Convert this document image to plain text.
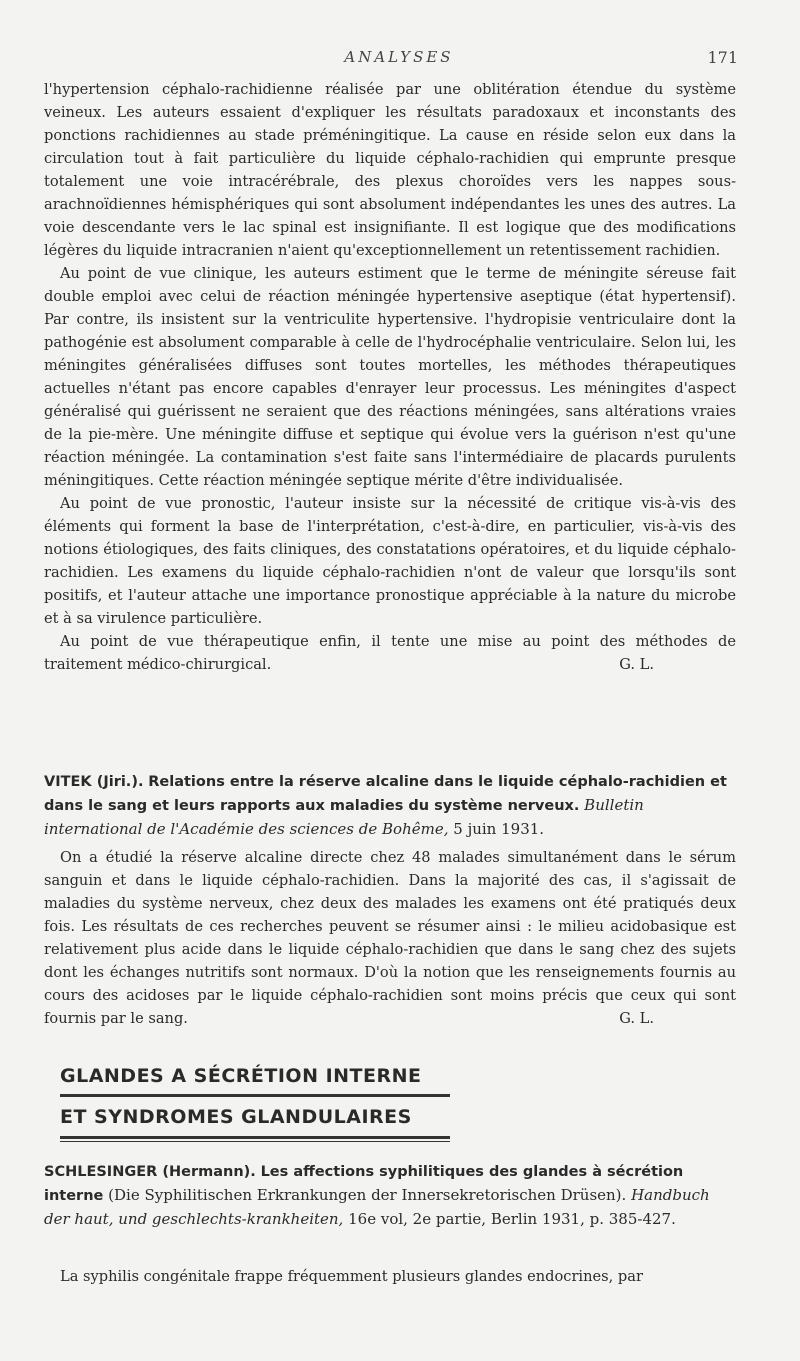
ANALYSES	171

l'hypertension céphalo-rachidienne réalisée par une oblitération étendue du système veineux. Les auteurs essaient d'expliquer les résultats paradoxaux et inconstants des ponctions rachidiennes au stade préméningitique. La cause en réside selon eux dans la circulation tout à fait particulière du liquide céphalo-rachidien qui emprunte presque totalement une voie intracérébrale, des plexus choroïdes vers les nappes sous-arachnoïdiennes hémisphériques qui sont absolument indépendantes les unes des autres. La voie descendante vers le lac spinal est insignifiante. Il est logique que des modifications légères du liquide intracranien n'aient qu'exceptionnellement un retentissement rachidien.

Au point de vue clinique, les auteurs estiment que le terme de méningite séreuse fait double emploi avec celui de réaction méningée hypertensive aseptique (état hypertensif). Par contre, ils insistent sur la ventriculite hypertensive. l'hydropisie ventriculaire dont la pathogénie est absolument comparable à celle de l'hydrocéphalie ventriculaire. Selon lui, les méningites généralisées diffuses sont toutes mortelles, les méthodes thérapeutiques actuelles n'étant pas encore capables d'enrayer leur processus. Les méningites d'aspect généralisé qui guérissent ne seraient que des réactions méningées, sans altérations vraies de la pie-mère. Une méningite diffuse et septique qui évolue vers la guérison n'est qu'une réaction méningée. La contamination s'est faite sans l'intermédiaire de placards purulents méningitiques. Cette réaction méningée septique mérite d'être individualisée.

Au point de vue pronostic, l'auteur insiste sur la nécessité de critique vis-à-vis des éléments qui forment la base de l'interprétation, c'est-à-dire, en particulier, vis-à-vis des notions étiologiques, des faits cliniques, des constatations opératoires, et du liquide céphalo-rachidien. Les examens du liquide céphalo-rachidien n'ont de valeur que lorsqu'ils sont positifs, et l'auteur attache une importance pronostique appréciable à la nature du microbe et à sa virulence particulière.

Au point de vue thérapeutique enfin, il tente une mise au point des méthodes de traitement médico-chirurgical.	G. L.

VITEK (Jiri.). Relations entre la réserve alcaline dans le liquide céphalo-rachidien et dans le sang et leurs rapports aux maladies du système nerveux. Bulletin international de l'Académie des sciences de Bohême, 5 juin 1931.

On a étudié la réserve alcaline directe chez 48 malades simultanément dans le sérum sanguin et dans le liquide céphalo-rachidien. Dans la majorité des cas, il s'agissait de maladies du système nerveux, chez deux des malades les examens ont été pratiqués deux fois. Les résultats de ces recherches peuvent se résumer ainsi : le milieu acidobasique est relativement plus acide dans le liquide céphalo-rachidien que dans le sang chez des sujets dont les échanges nutritifs sont normaux. D'où la notion que les renseignements fournis au cours des acidoses par le liquide céphalo-rachidien sont moins précis que ceux qui sont fournis par le sang.	G. L.

GLANDES A SÉCRÉTION INTERNE
ET SYNDROMES GLANDULAIRES
SCHLESINGER (Hermann). Les affections syphilitiques des glandes à sécrétion interne (Die Syphilitischen Erkrankungen der Innersekretorischen Drüsen). Handbuch der haut, und geschlechts-krankheiten, 16e vol, 2e partie, Berlin 1931, p. 385-427.

La syphilis congénitale frappe fréquemment plusieurs glandes endocrines, par
